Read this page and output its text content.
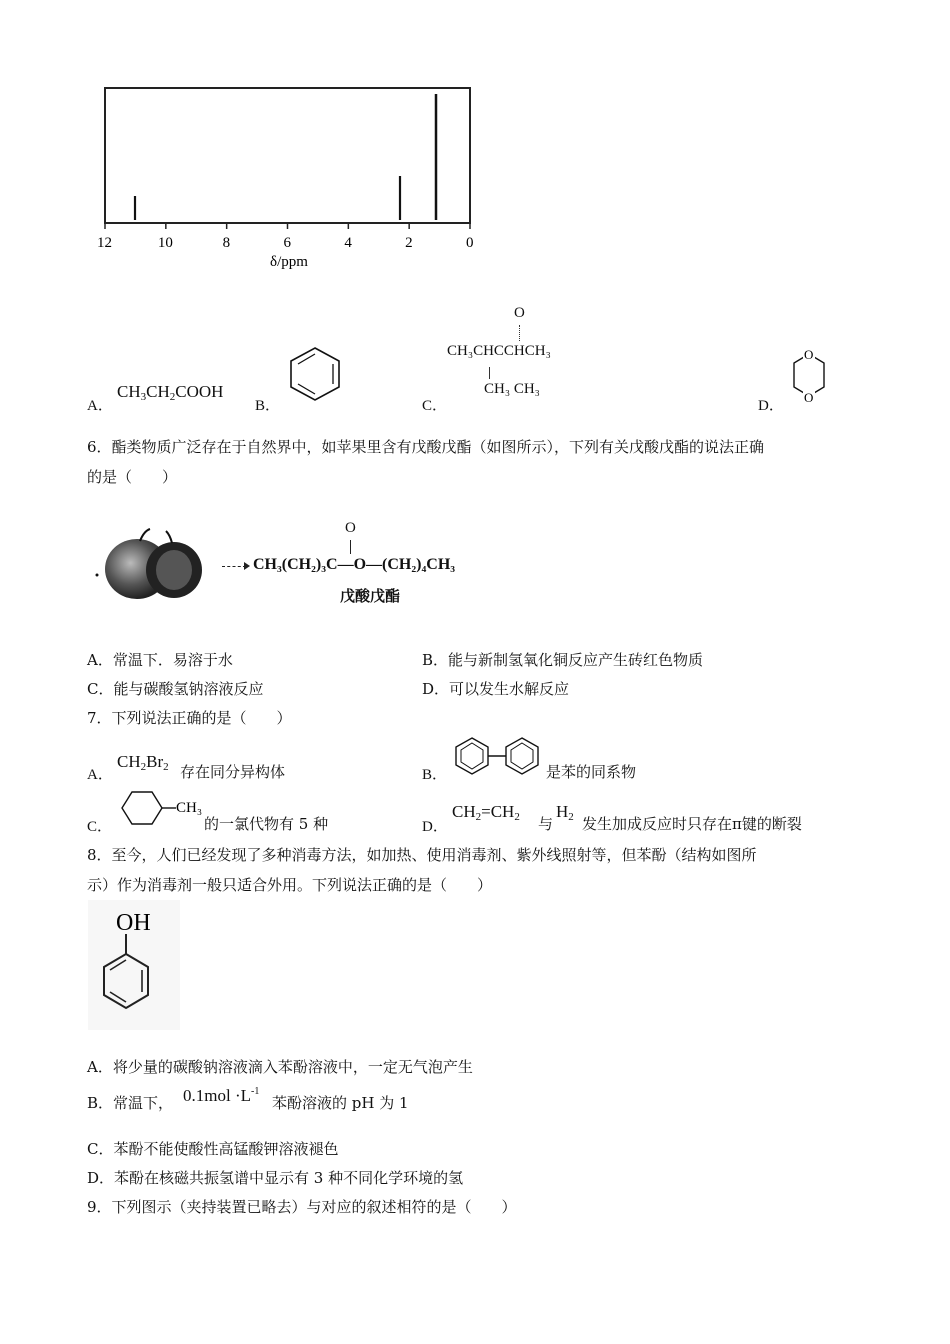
12	10	8	6	4	2	0
δ/ppm
A．
$CH_3CH_2COOH$
B．	C．
O
CH₃CHCCHCH₃
CH₃ CH₃
D．
O
O
6．酯类物质广泛存在于自然界中，如苹果里含有戊酸戊酯（如图所示），下列有关戊酸戊酯的说法正确
的是（　　）
O
CH₃(CH₂)₃C—O—(CH₂)₄CH₃
戊酸戊酯
A．常温下．易溶于水	B．能与新制氢氧化铜反应产生砖红色物质
C．能与碳酸氢钠溶液反应	D．可以发生水解反应
7．下列说法正确的是（　　）
A．
$CH_2Br_2$ 存在同分异构体	B．	是苯的同系物
C．
CH₃
的一氯代物有 5 种	D．
$CH_2=CH_2$ 与
$H_2$ 发生加成反应时只存在π键的断裂
8．至今，人们已经发现了多种消毒方法，如加热、使用消毒剂、紫外线照射等，但苯酚（结构如图所
示）作为消毒剂一般只适合外用。下列说法正确的是（　　）
OH
A．将少量的碳酸钠溶液滴入苯酚溶液中，一定无气泡产生
B．常温下， $0.1mol \cdot L^{-1}$
苯酚溶液的 pH 为 1
C．苯酚不能使酸性高锰酸钾溶液褪色
D．苯酚在核磁共振氢谱中显示有 3 种不同化学环境的氢
9．下列图示（夹持装置已略去）与对应的叙述相符的是（　　）
